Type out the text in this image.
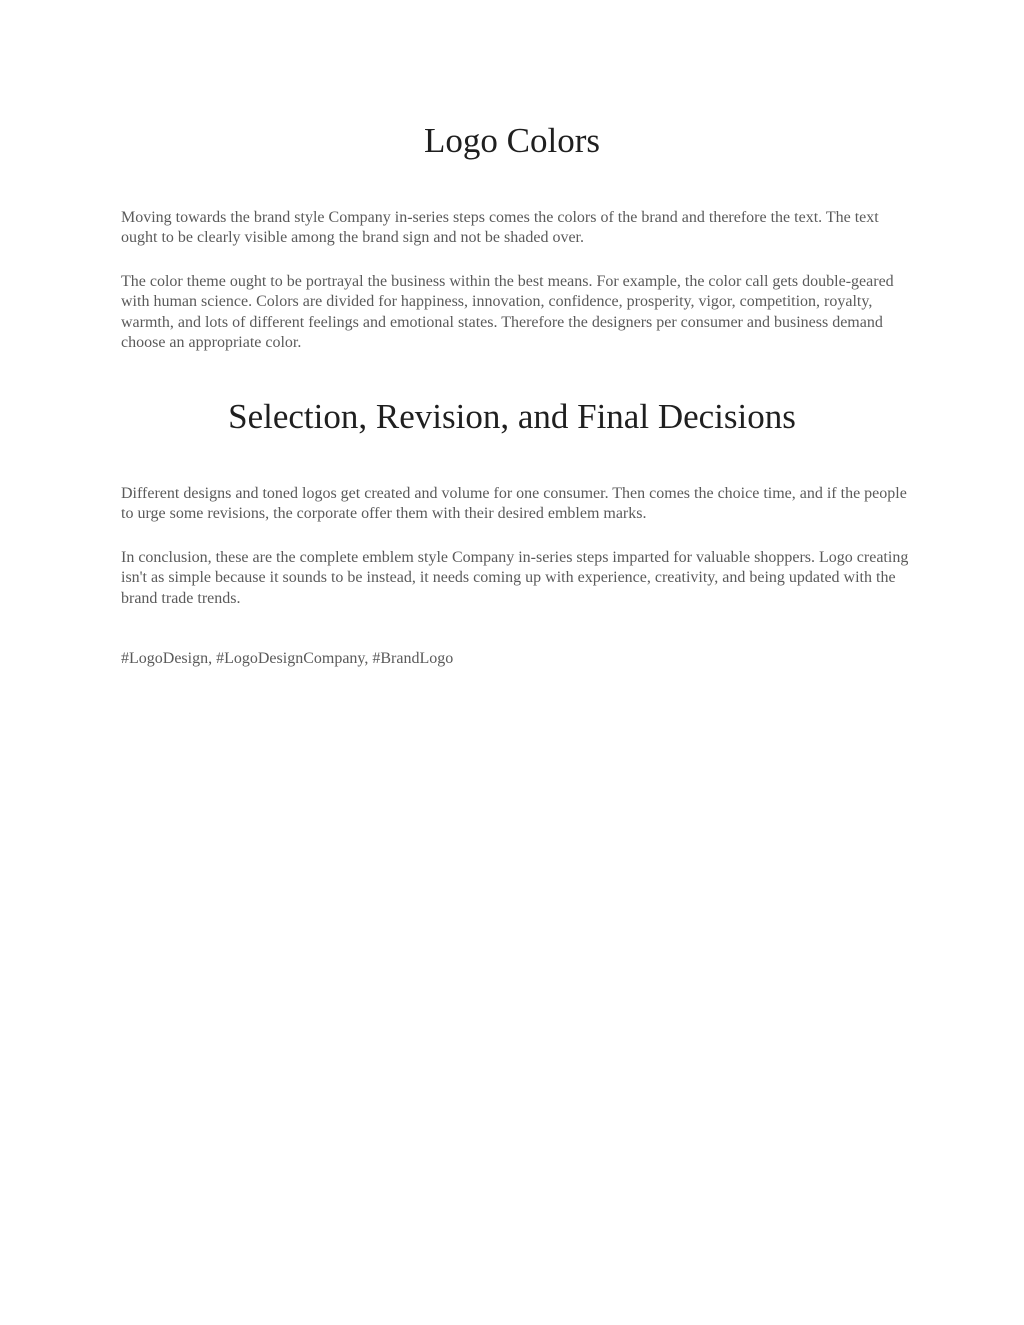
Logo Colors

Moving towards the brand style Company in-series steps comes the colors of the brand and therefore the text. The text ought to be clearly visible among the brand sign and not be shaded over.

The color theme ought to be portrayal the business within the best means. For example, the color call gets double-geared with human science. Colors are divided for happiness, innovation, confidence, prosperity, vigor, competition, royalty, warmth, and lots of different feelings and emotional states. Therefore the designers per consumer and business demand choose an appropriate color.

Selection, Revision, and Final Decisions

Different designs and toned logos get created and volume for one consumer. Then comes the choice time, and if the people to urge some revisions, the corporate offer them with their desired emblem marks.

In conclusion, these are the complete emblem style Company in-series steps imparted for valuable shoppers. Logo creating isn't as simple because it sounds to be instead, it needs coming up with experience, creativity, and being updated with the brand trade trends.

#LogoDesign, #LogoDesignCompany, #BrandLogo
